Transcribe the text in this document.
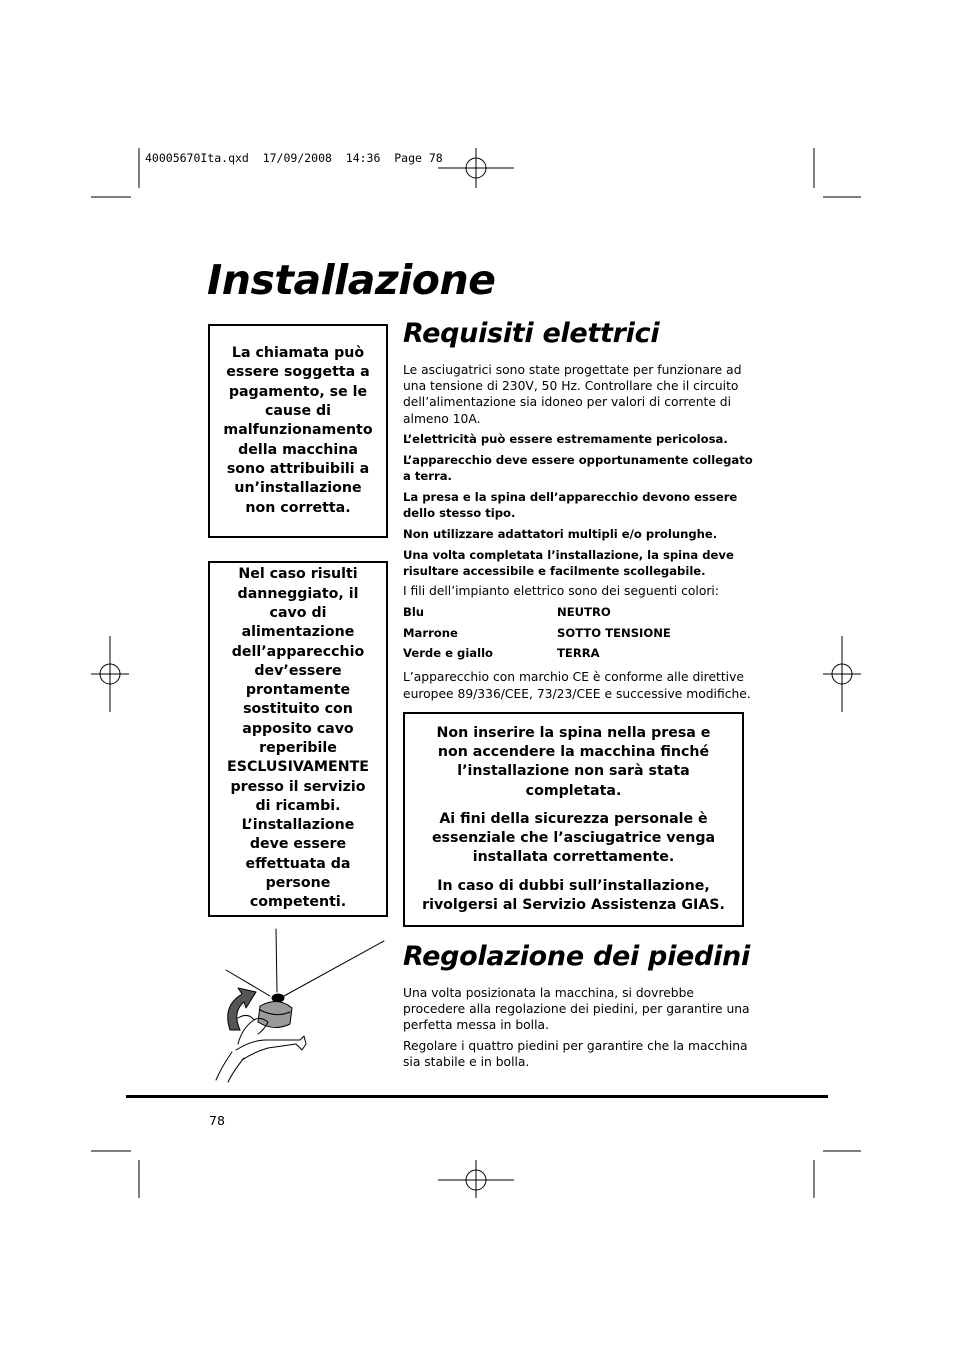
40005670Ita.qxd  17/09/2008  14:36  Page 78
Installazione

La chiamata può essere soggetta a pagamento, se le cause di malfunzionamento della macchina sono attribuibili a un’installazione non corretta.

Nel caso risulti danneggiato, il cavo di alimentazione dell’apparecchio dev’essere prontamente sostituito con apposito cavo reperibile ESCLUSIVAMENTE presso il servizio di ricambi. L’installazione deve essere effettuata da persone competenti.

Requisiti elettrici

Le asciugatrici sono state progettate per funzionare ad una tensione di 230V, 50 Hz. Controllare che il circuito dell’alimentazione sia idoneo per valori di corrente di almeno 10A.

L’elettricità può essere estremamente pericolosa.

L’apparecchio deve essere opportunamente collegato a terra.

La presa e la spina dell’apparecchio devono essere dello stesso tipo.

Non utilizzare adattatori multipli e/o prolunghe.

Una volta completata l’installazione, la spina deve risultare accessibile e facilmente scollegabile.

I fili dell’impianto elettrico sono dei seguenti colori:

Blu	NEUTRO
Marrone	SOTTO TENSIONE
Verde e giallo	TERRA

L’apparecchio con marchio CE è conforme alle direttive europee 89/336/CEE, 73/23/CEE e successive modifiche.

Non inserire la spina nella presa e non accendere la macchina finché l’installazione non sarà stata completata.

Ai fini della sicurezza personale è essenziale che l’asciugatrice venga installata correttamente.

In caso di dubbi sull’installazione, rivolgersi al Servizio Assistenza GIAS.

Regolazione dei piedini

Una volta posizionata la macchina, si dovrebbe procedere alla regolazione dei piedini, per garantire una perfetta messa in bolla.

Regolare i quattro piedini per garantire che la macchina sia stabile e in bolla.

78
